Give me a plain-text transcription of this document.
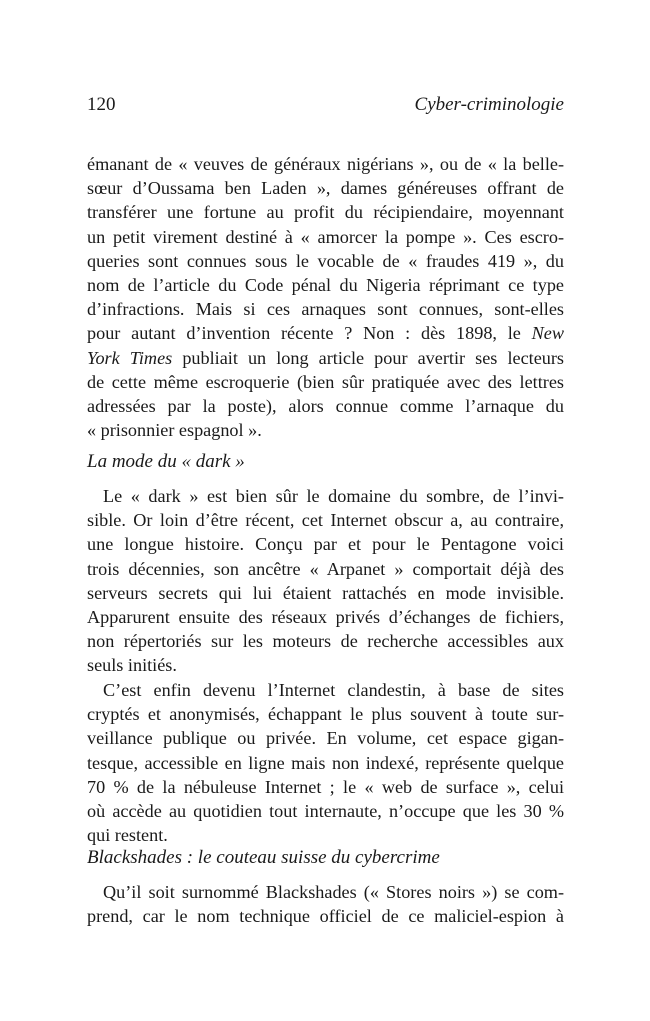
120	Cyber-criminologie
émanant de « veuves de généraux nigérians », ou de « la belle-
sœur d’Oussama ben Laden », dames généreuses offrant de
transférer une fortune au profit du récipiendaire, moyennant
un petit virement destiné à « amorcer la pompe ». Ces escro-
queries sont connues sous le vocable de « fraudes 419 », du
nom de l’article du Code pénal du Nigeria réprimant ce type
d’infractions. Mais si ces arnaques sont connues, sont-elles
pour autant d’invention récente ? Non : dès 1898, le New
York Times publiait un long article pour avertir ses lecteurs
de cette même escroquerie (bien sûr pratiquée avec des lettres
adressées par la poste), alors connue comme l’arnaque du
« prisonnier espagnol ».
La mode du « dark »
Le « dark » est bien sûr le domaine du sombre, de l’invi-
sible. Or loin d’être récent, cet Internet obscur a, au contraire,
une longue histoire. Conçu par et pour le Pentagone voici
trois décennies, son ancêtre « Arpanet » comportait déjà des
serveurs secrets qui lui étaient rattachés en mode invisible.
Apparurent ensuite des réseaux privés d’échanges de fichiers,
non répertoriés sur les moteurs de recherche accessibles aux
seuls initiés.
C’est enfin devenu l’Internet clandestin, à base de sites
cryptés et anonymisés, échappant le plus souvent à toute sur-
veillance publique ou privée. En volume, cet espace gigan-
tesque, accessible en ligne mais non indexé, représente quelque
70 % de la nébuleuse Internet ; le « web de surface », celui
où accède au quotidien tout internaute, n’occupe que les 30 %
qui restent.
Blackshades : le couteau suisse du cybercrime
Qu’il soit surnommé Blackshades (« Stores noirs ») se com-
prend, car le nom technique officiel de ce maliciel-espion à
